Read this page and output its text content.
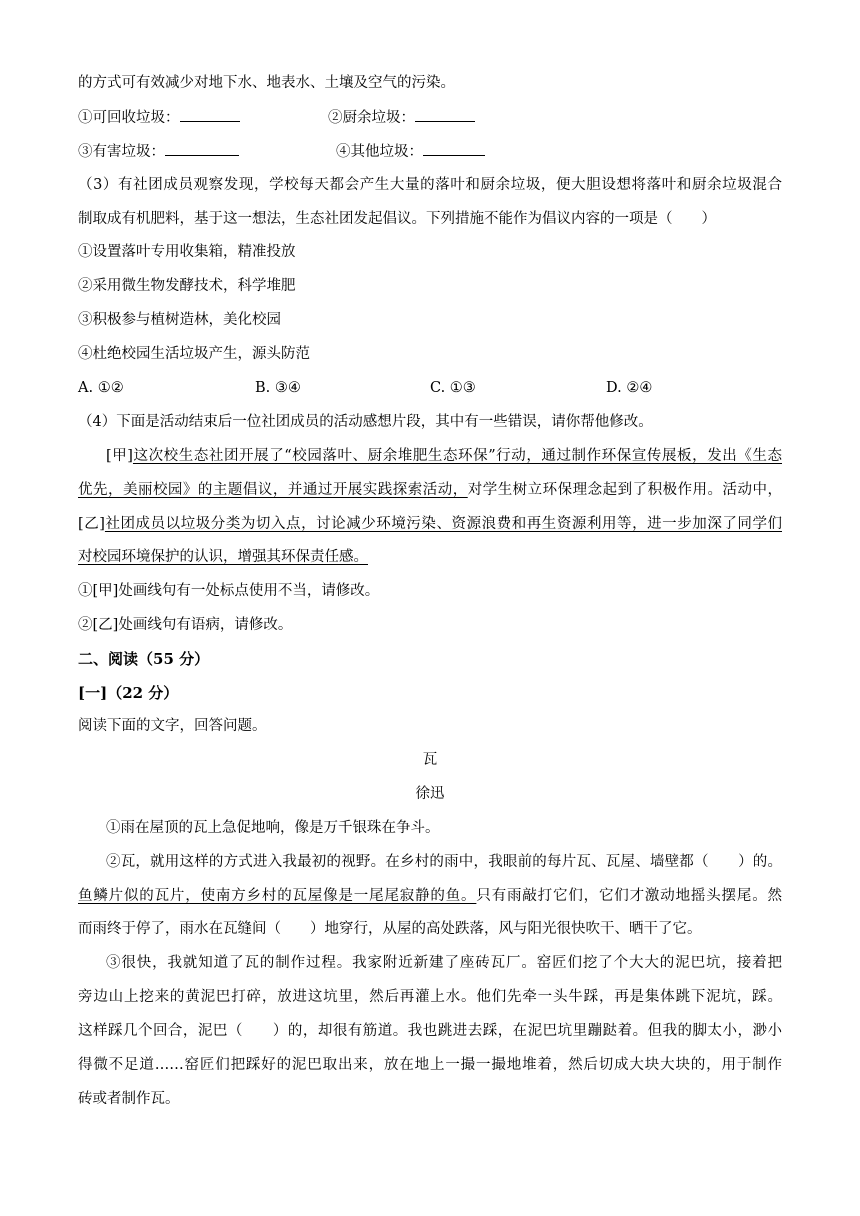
的方式可有效减少对地下水、地表水、土壤及空气的污染。
①可回收垃圾：	②厨余垃圾：
③有害垃圾：	④其他垃圾：
（3）有社团成员观察发现，学校每天都会产生大量的落叶和厨余垃圾，便大胆设想将落叶和厨余垃圾混合
制取成有机肥料，基于这一想法，生态社团发起倡议。下列措施不能作为倡议内容的一项是（　　）
①设置落叶专用收集箱，精准投放
②采用微生物发酵技术，科学堆肥
③积极参与植树造林，美化校园
④杜绝校园生活垃圾产生，源头防范
A. ①②	B. ③④	C. ①③	D. ②④
（4）下面是活动结束后一位社团成员的活动感想片段，其中有一些错误，请你帮他修改。
[甲]这次校生态社团开展了“校园落叶、厨余堆肥生态环保”行动，通过制作环保宣传展板，发出《生态
优先，美丽校园》的主题倡议，并通过开展实践探索活动，对学生树立环保理念起到了积极作用。活动中，
[乙]社团成员以垃圾分类为切入点，讨论减少环境污染、资源浪费和再生资源利用等，进一步加深了同学们
对校园环境保护的认识，增强其环保责任感。
①[甲]处画线句有一处标点使用不当，请修改。
②[乙]处画线句有语病，请修改。
二、阅读（55 分）
[一]（22 分）
阅读下面的文字，回答问题。
瓦
徐迅
①雨在屋顶的瓦上急促地响，像是万千银珠在争斗。
②瓦，就用这样的方式进入我最初的视野。在乡村的雨中，我眼前的每片瓦、瓦屋、墙壁都（　　）的。
鱼鳞片似的瓦片，使南方乡村的瓦屋像是一尾尾寂静的鱼。只有雨敲打它们，它们才激动地摇头摆尾。然
而雨终于停了，雨水在瓦缝间（　　）地穿行，从屋的高处跌落，风与阳光很快吹干、晒干了它。
③很快，我就知道了瓦的制作过程。我家附近新建了座砖瓦厂。窑匠们挖了个大大的泥巴坑，接着把
旁边山上挖来的黄泥巴打碎，放进这坑里，然后再灌上水。他们先牵一头牛踩，再是集体跳下泥坑，踩。
这样踩几个回合，泥巴（　　）的，却很有筋道。我也跳进去踩，在泥巴坑里蹦跶着。但我的脚太小，渺小
得微不足道……窑匠们把踩好的泥巴取出来，放在地上一撮一撮地堆着，然后切成大块大块的，用于制作
砖或者制作瓦。
